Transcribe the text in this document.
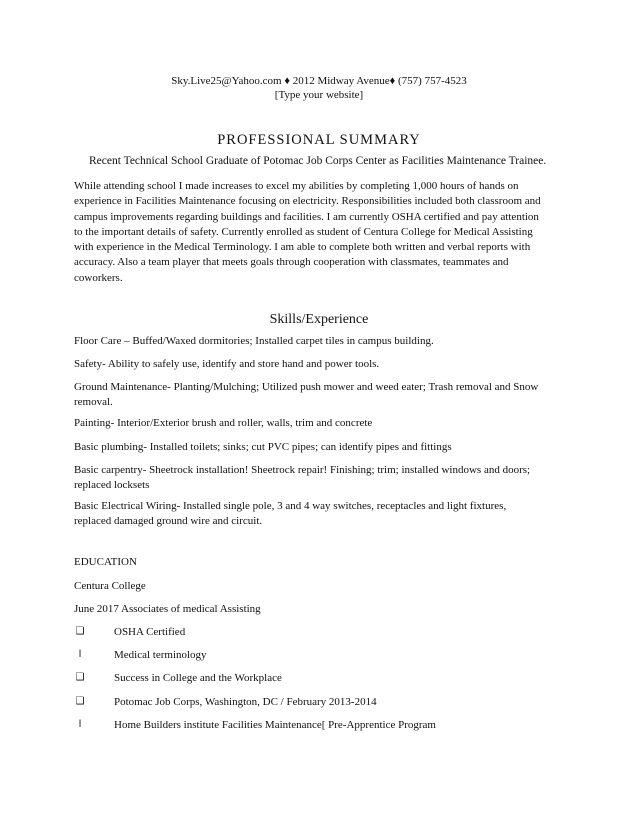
Sky.Live25@Yahoo.com ♦ 2012 Midway Avenue♦ (757) 757-4523
[Type your website]
PROFESSIONAL SUMMARY
Recent Technical School Graduate of Potomac Job Corps Center as Facilities Maintenance Trainee.
While attending school I made increases to excel my abilities by completing 1,000 hours of hands on
experience in Facilities Maintenance focusing on electricity. Responsibilities included both classroom and
campus improvements regarding buildings and facilities. I am currently OSHA certified and pay attention
to the important details of safety. Currently enrolled as student of Centura College for Medical Assisting
with experience in the Medical Terminology. I am able to complete both written and verbal reports with
accuracy. Also a team player that meets goals through cooperation with classmates, teammates and
coworkers.
Skills/Experience
Floor Care – Buffed/Waxed dormitories; Installed carpet tiles in campus building.
Safety- Ability to safely use, identify and store hand and power tools.
Ground Maintenance- Planting/Mulching; Utilized push mower and weed eater; Trash removal and Snow
removal.
Painting- Interior/Exterior brush and roller, walls, trim and concrete
Basic plumbing- Installed toilets; sinks; cut PVC pipes; can identify pipes and fittings
Basic carpentry- Sheetrock installation! Sheetrock repair! Finishing; trim; installed windows and doors;
replaced locksets
Basic Electrical Wiring- Installed single pole, 3 and 4 way switches, receptacles and light fixtures,
replaced damaged ground wire and circuit.
EDUCATION
Centura College
June 2017 Associates of medical Assisting
❑	OSHA Certified
l	Medical terminology
❑	Success in College and the Workplace
❑	Potomac Job Corps, Washington, DC / February 2013-2014
l	Home Builders institute Facilities Maintenance[ Pre-Apprentice Program
